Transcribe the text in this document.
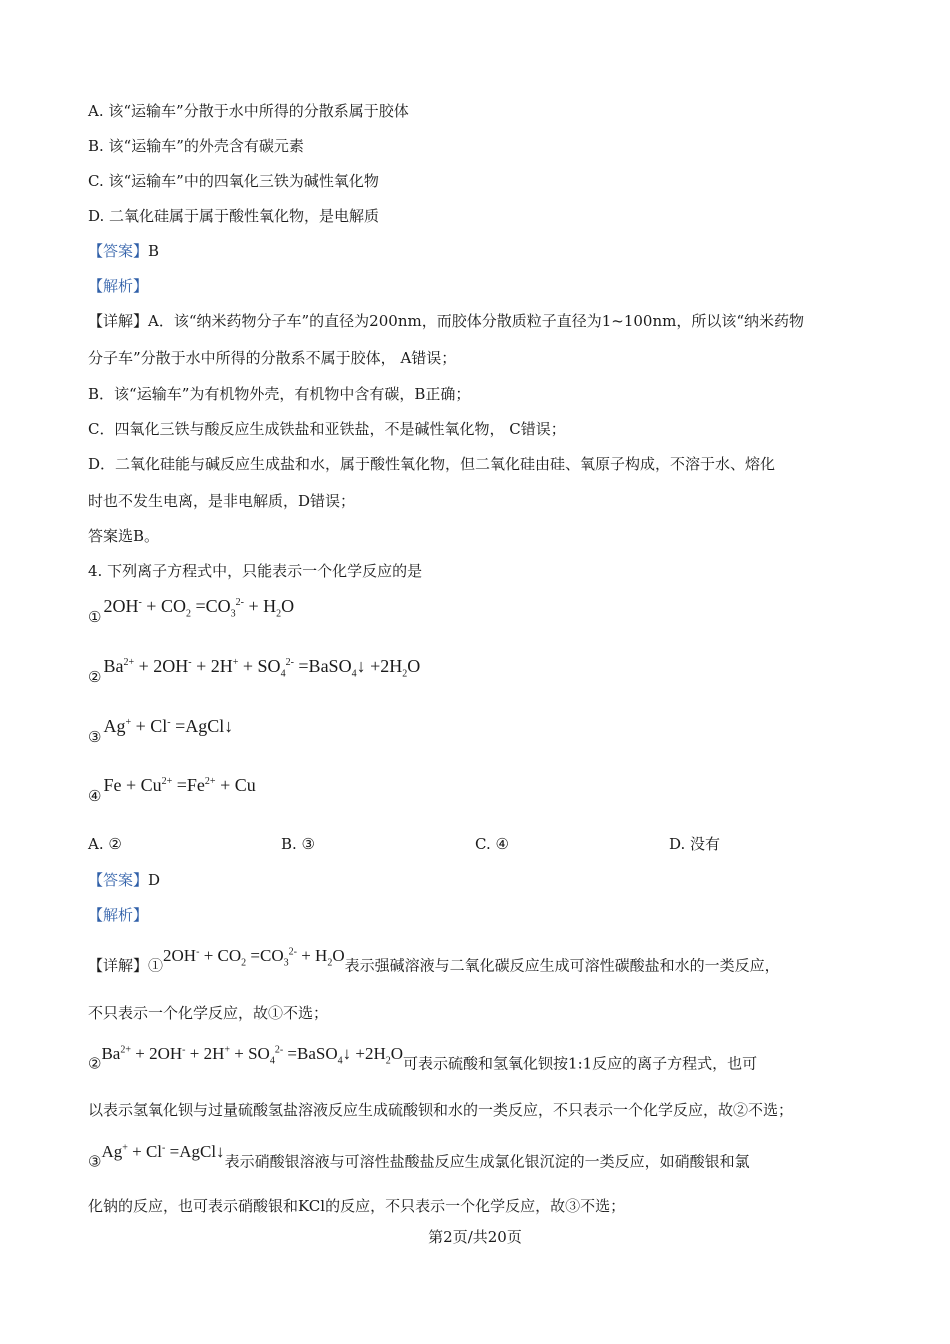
A. 该“运输车”分散于水中所得的分散系属于胶体
B. 该“运输车”的外壳含有碳元素
C. 该“运输车”中的四氧化三铁为碱性氧化物
D. 二氧化硅属于属于酸性氧化物，是电解质
【答案】B
【解析】
【详解】A．该“纳米药物分子车”的直径为200nm，而胶体分散质粒子直径为1~100nm，所以该“纳米药物
分子车”分散于水中所得的分散系不属于胶体， A错误；
B．该“运输车”为有机物外壳，有机物中含有碳，B正确；
C．四氧化三铁与酸反应生成铁盐和亚铁盐，不是碱性氧化物， C错误；
D．二氧化硅能与碱反应生成盐和水，属于酸性氧化物，但二氧化硅由硅、氧原子构成，不溶于水、熔化
时也不发生电离，是非电解质，D错误；
答案选B。
4. 下列离子方程式中，只能表示一个化学反应的是
$_①2OH^- + CO_2 =CO_3^{2-} + H_2O$
$_②Ba^{2+} + 2OH^- + 2H^+ + SO_4^{2-}$ =BaSO$_4$↓ $+2H_2O$
$_③$Ag+ + Cl- =AgCl↓
$_④Fe + Cu^{2+} =Fe^{2+} + Cu$
A. ②	B. ③	C. ④	D. 没有
【答案】D
【解析】
【详解】①2OH- + $CO_2 =CO_3^{2-} + H_2O$表示强碱溶液与二氧化碳反应生成可溶性碳酸盐和水的一类反应，
不只表示一个化学反应，故①不选；
$②Ba^{2+} + 2OH^- + 2H^+ + SO_4^{2-}$ =BaSO$_4$↓ $+2H_2O$可表示硫酸和氢氧化钡按1:1反应的离子方程式，也可
以表示氢氧化钡与过量硫酸氢盐溶液反应生成硫酸钡和水的一类反应，不只表示一个化学反应，故②不选；
③Ag+ + Cl- =AgCl↓表示硝酸银溶液与可溶性盐酸盐反应生成氯化银沉淀的一类反应，如硝酸银和氯
化钠的反应，也可表示硝酸银和KCl的反应，不只表示一个化学反应，故③不选；
第2页/共20页
